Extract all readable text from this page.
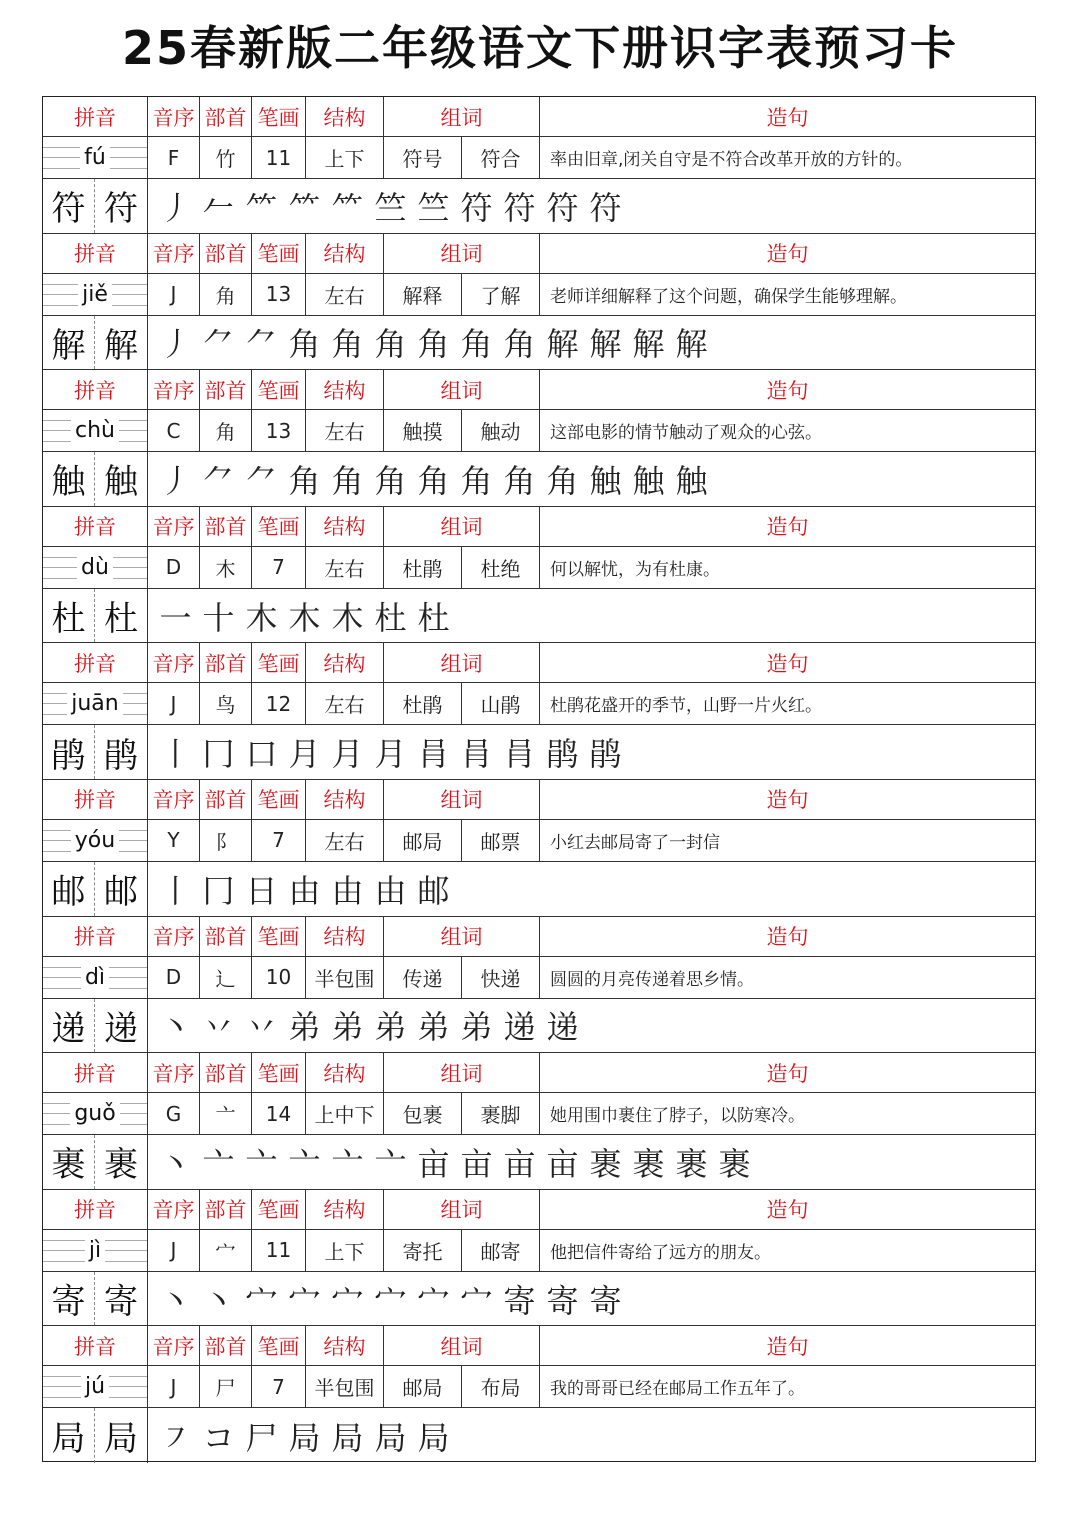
25春新版二年级语文下册识字表预习卡
拼音	音序 部首 笔画	结构	组词	造句
fú	F	竹	11	上下	符号	符合	率由旧章,闭关自守是不符合改革开放的方针的。
符 符 丿 𠂉 ⺮ ⺮ ⺮ 竺 竺 符 符 符 符
拼音	音序 部首 笔画	结构	组词	造句
jiě	J	角	13	左右	解释	了解	老师详细解释了这个问题，确保学生能够理解。
解 解 丿 ⺈ ⺈ 角 角 角 角 角 角 解 解 解 解
拼音	音序 部首 笔画	结构	组词	造句
chù	C	角	13	左右	触摸	触动	这部电影的情节触动了观众的心弦。
触 触 丿 ⺈ ⺈ 角 角 角 角 角 角 角 触 触 触
拼音	音序 部首 笔画	结构	组词	造句
dù	D	木	7	左右	杜鹃	杜绝	何以解忧，为有杜康。
杜 杜 一 十 木 木 木 杜 杜
拼音	音序 部首 笔画	结构	组词	造句
juān	J	鸟	12	左右	杜鹃	山鹃	杜鹃花盛开的季节，山野一片火红。
鹃 鹃 丨 冂 口 月 月 月 肙 肙 肙 鹃 鹃
拼音	音序 部首 笔画	结构	组词	造句
yóu	Y	阝	7	左右	邮局	邮票	小红去邮局寄了一封信
邮 邮 丨 冂 日 由 由 由 邮
拼音	音序 部首 笔画	结构	组词	造句
dì	D	辶	10	半包围	传递	快递	圆圆的月亮传递着思乡情。
递 递 丶 丷 丷 弟 弟 弟 弟 弟 递 递
拼音	音序 部首 笔画	结构	组词	造句
guǒ	G	亠	14	上中下	包裹	裹脚	她用围巾裹住了脖子，以防寒冷。
裹 裹 丶 亠 亠 亠 亠 亠 亩 亩 亩 亩 裹 裹 裹 裹
拼音	音序 部首 笔画	结构	组词	造句
jì	J	宀	11	上下	寄托	邮寄	他把信件寄给了远方的朋友。
寄 寄 丶 丶 宀 宀 宀 宀 宀 宀 寄 寄 寄
拼音	音序 部首 笔画	结构	组词	造句
jú	J	尸	7	半包围	邮局	布局	我的哥哥已经在邮局工作五年了。
局 局 ㇇ コ 尸 局 局 局 局
